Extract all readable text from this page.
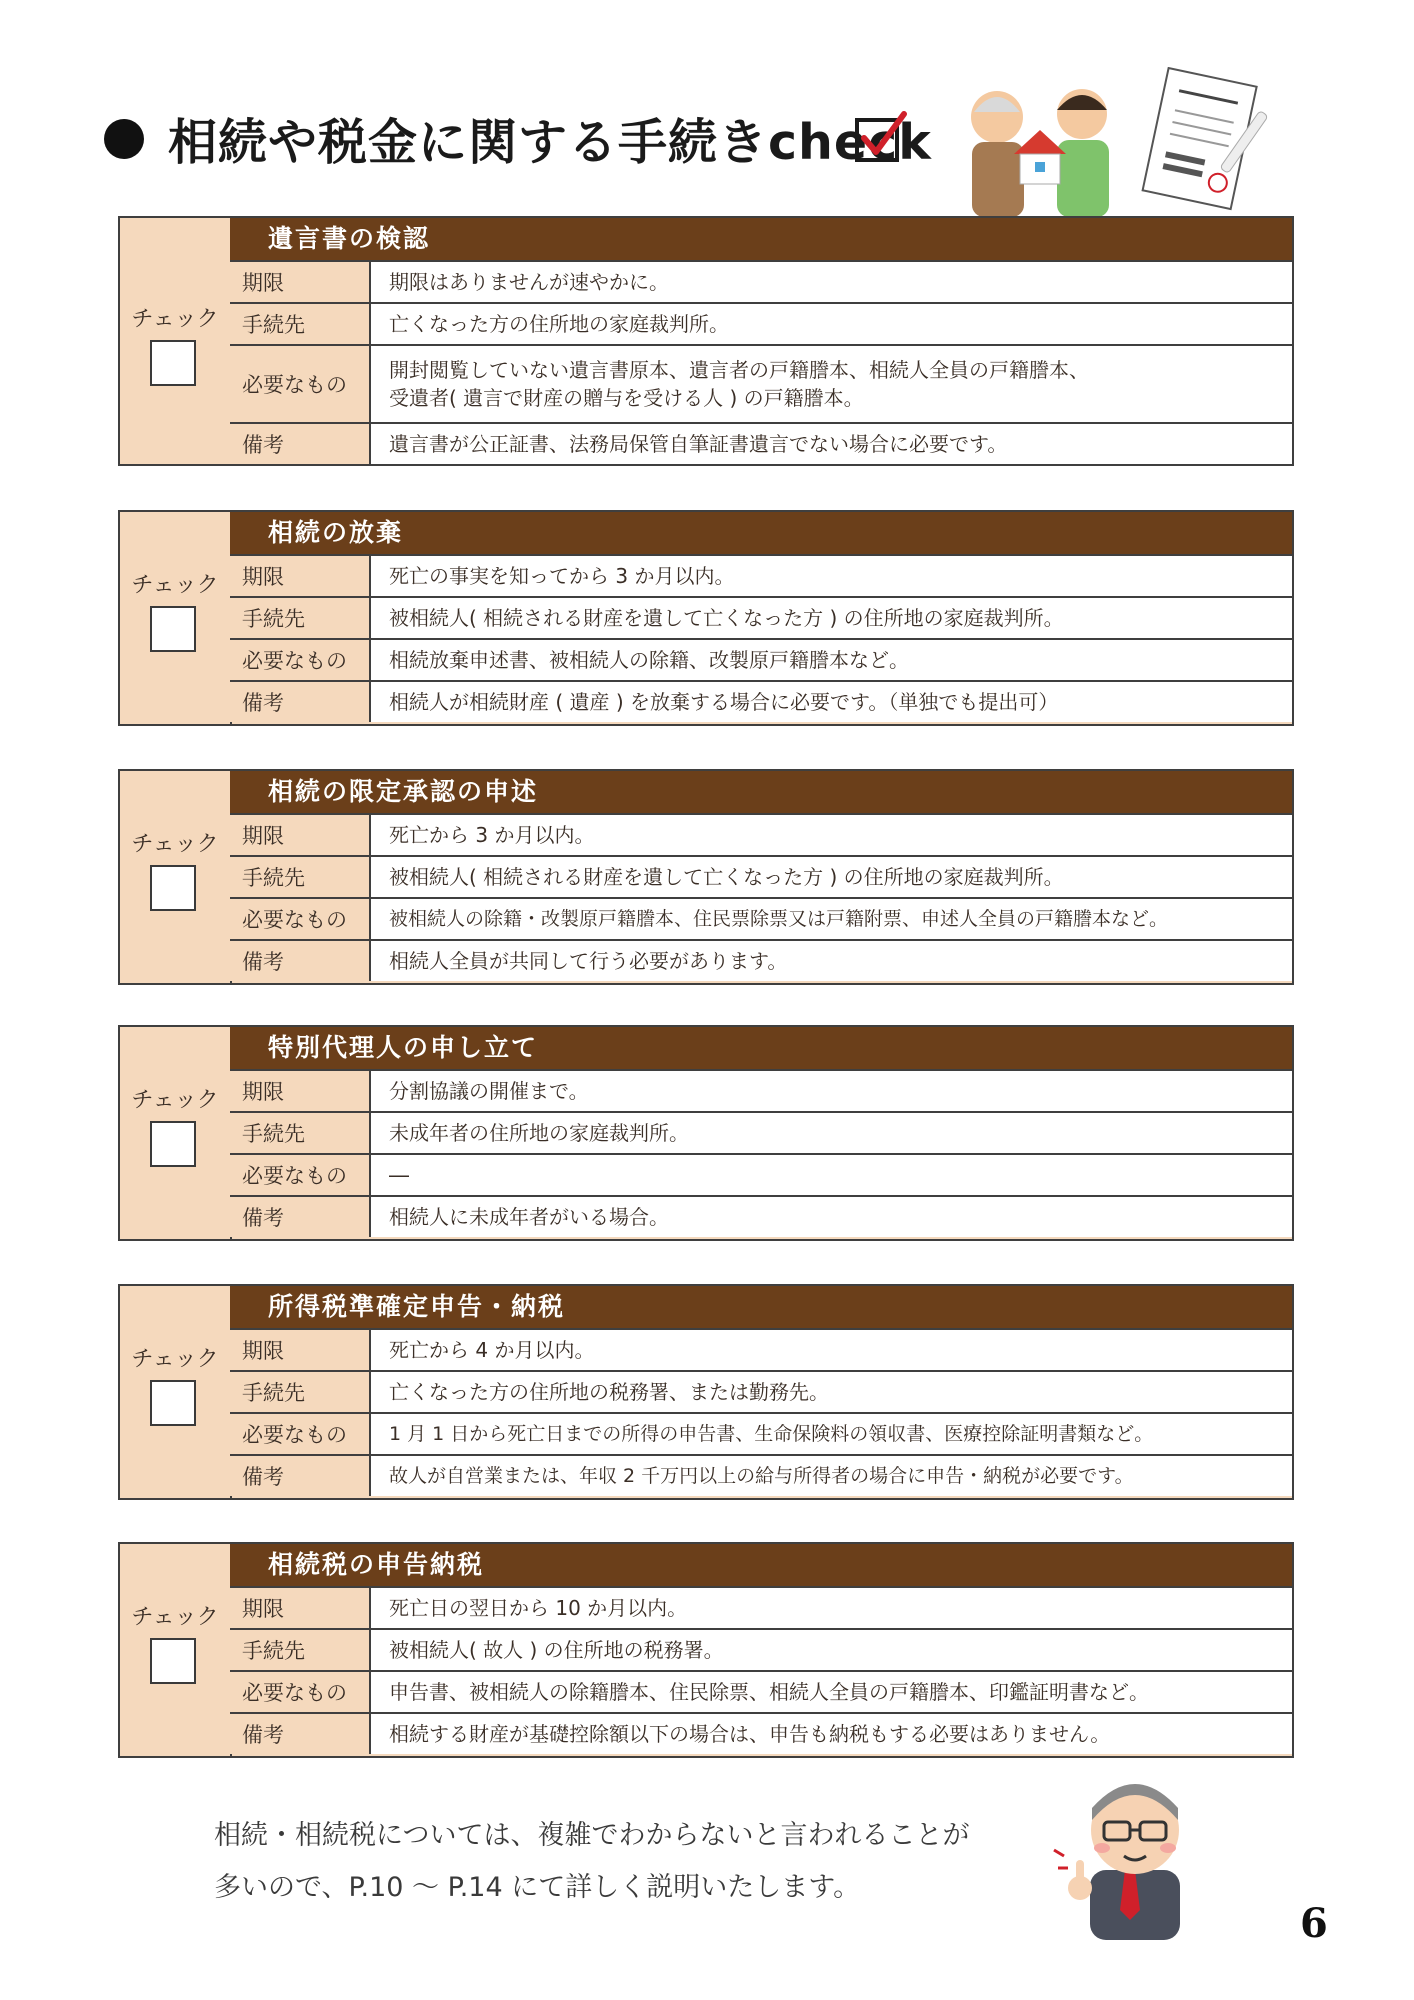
相続や税金に関する手続きcheck
チェック
遺言書の検認
期限	期限はありませんが速やかに。
手続先	亡くなった方の住所地の家庭裁判所。
必要なもの
開封閲覧していない遺言書原本、遺言者の戸籍謄本、相続人全員の戸籍謄本、
受遺者( 遺言で財産の贈与を受ける人 ) の戸籍謄本。
備考	遺言書が公正証書、法務局保管自筆証書遺言でない場合に必要です。
チェック
相続の放棄
期限	死亡の事実を知ってから 3 か月以内。
手続先	被相続人( 相続される財産を遺して亡くなった方 ) の住所地の家庭裁判所。
必要なもの	相続放棄申述書、被相続人の除籍、改製原戸籍謄本など。
備考	相続人が相続財産 ( 遺産 ) を放棄する場合に必要です。（単独でも提出可）
チェック
相続の限定承認の申述
期限	死亡から 3 か月以内。
手続先	被相続人( 相続される財産を遺して亡くなった方 ) の住所地の家庭裁判所。
必要なもの	被相続人の除籍・改製原戸籍謄本、住民票除票又は戸籍附票、申述人全員の戸籍謄本など。
備考	相続人全員が共同して行う必要があります。
チェック
特別代理人の申し立て
期限	分割協議の開催まで。
手続先	未成年者の住所地の家庭裁判所。
必要なもの	―
備考	相続人に未成年者がいる場合。
チェック
所得税準確定申告・納税
期限	死亡から 4 か月以内。
手続先	亡くなった方の住所地の税務署、または勤務先。
必要なもの	1 月 1 日から死亡日までの所得の申告書、生命保険料の領収書、医療控除証明書類など。
備考	故人が自営業または、年収 2 千万円以上の給与所得者の場合に申告・納税が必要です。
チェック
相続税の申告納税
期限	死亡日の翌日から 10 か月以内。
手続先	被相続人( 故人 ) の住所地の税務署。
必要なもの	申告書、被相続人の除籍謄本、住民除票、相続人全員の戸籍謄本、印鑑証明書など。
備考	相続する財産が基礎控除額以下の場合は、申告も納税もする必要はありません。
相続・相続税については、複雑でわからないと言われることが
多いので、P.10 ～ P.14 にて詳しく説明いたします。
6
